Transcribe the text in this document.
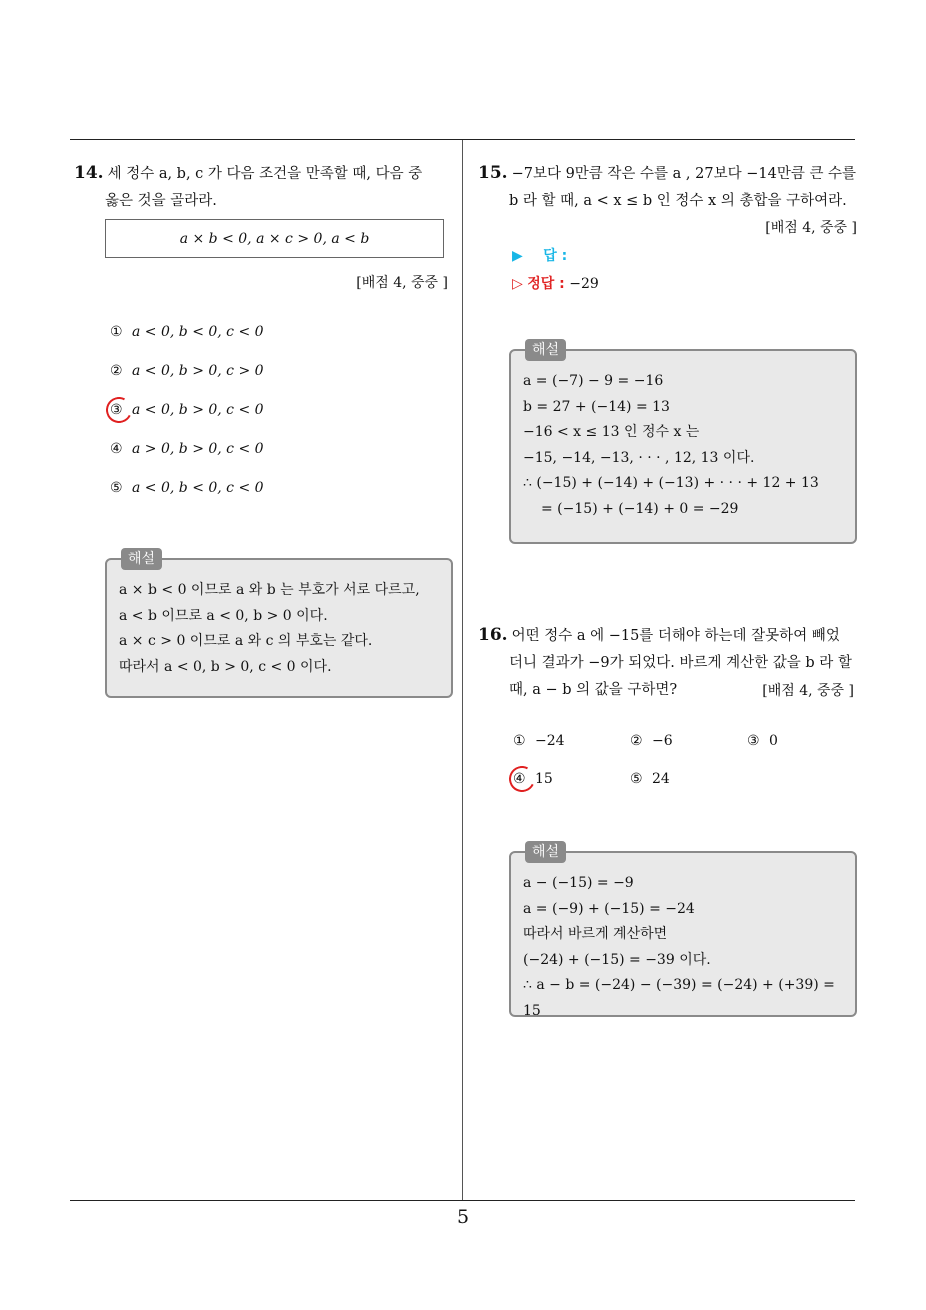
5
14. 세 정수 a, b, c 가 다음 조건을 만족할 때, 다음 중
옳은 것을 골라라.
a × b < 0, a × c > 0, a < b
[배점 4, 중중 ]
① a < 0, b < 0, c < 0
② a < 0, b > 0, c > 0
③ a < 0, b > 0, c < 0
④ a > 0, b > 0, c < 0
⑤ a < 0, b < 0, c < 0
해설
a × b < 0 이므로 a 와 b 는 부호가 서로 다르고,
a < b 이므로 a < 0, b > 0 이다.
a × c > 0 이므로 a 와 c 의 부호는 같다.
따라서 a < 0, b > 0, c < 0 이다.
15. −7보다 9만큼 작은 수를 a , 27보다 −14만큼 큰 수를
b 라 할 때, a < x ≤ b 인 정수 x 의 총합을 구하여라.
[배점 4, 중중 ]
▶ 답 :
▷ 정답 : −29
해설
a = (−7) − 9 = −16
b = 27 + (−14) = 13
−16 < x ≤ 13 인 정수 x 는
−15, −14, −13, · · · , 12, 13 이다.
∴ (−15) + (−14) + (−13) + · · · + 12 + 13
= (−15) + (−14) + 0 = −29
16. 어떤 정수 a 에 −15를 더해야 하는데 잘못하여 빼었
더니 결과가 −9가 되었다. 바르게 계산한 값을 b 라 할
때, a − b 의 값을 구하면?	[배점 4, 중중 ]
① −24	② −6	③ 0
④ 15	⑤ 24
해설
a − (−15) = −9
a = (−9) + (−15) = −24
따라서 바르게 계산하면
(−24) + (−15) = −39 이다.
∴ a − b = (−24) − (−39) = (−24) + (+39) = 15
